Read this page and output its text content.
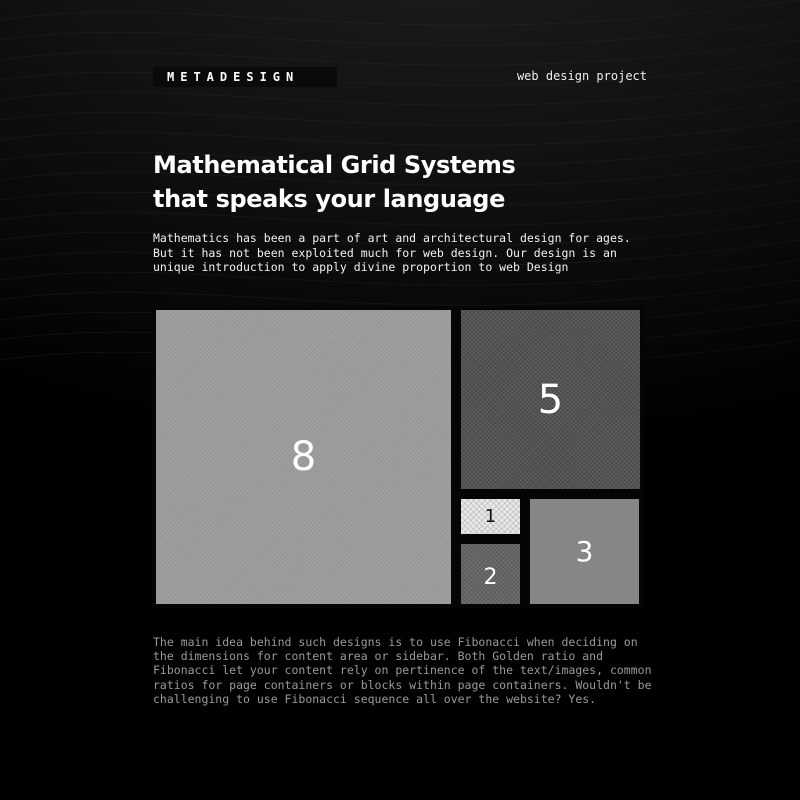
METADESIGN	web design project
Mathematical Grid Systems
that speaks your language

Mathematics has been a part of art and architectural design for ages. But it has not been exploited much for web design. Our design is an unique introduction to apply divine proportion to web Design

8
5
1
2
3

The main idea behind such designs is to use Fibonacci when deciding on the dimensions for content area or sidebar. Both Golden ratio and Fibonacci let your content rely on pertinence of the text/images, common ratios for page containers or blocks within page containers. Wouldn't be challenging to use Fibonacci sequence all over the website? Yes.
